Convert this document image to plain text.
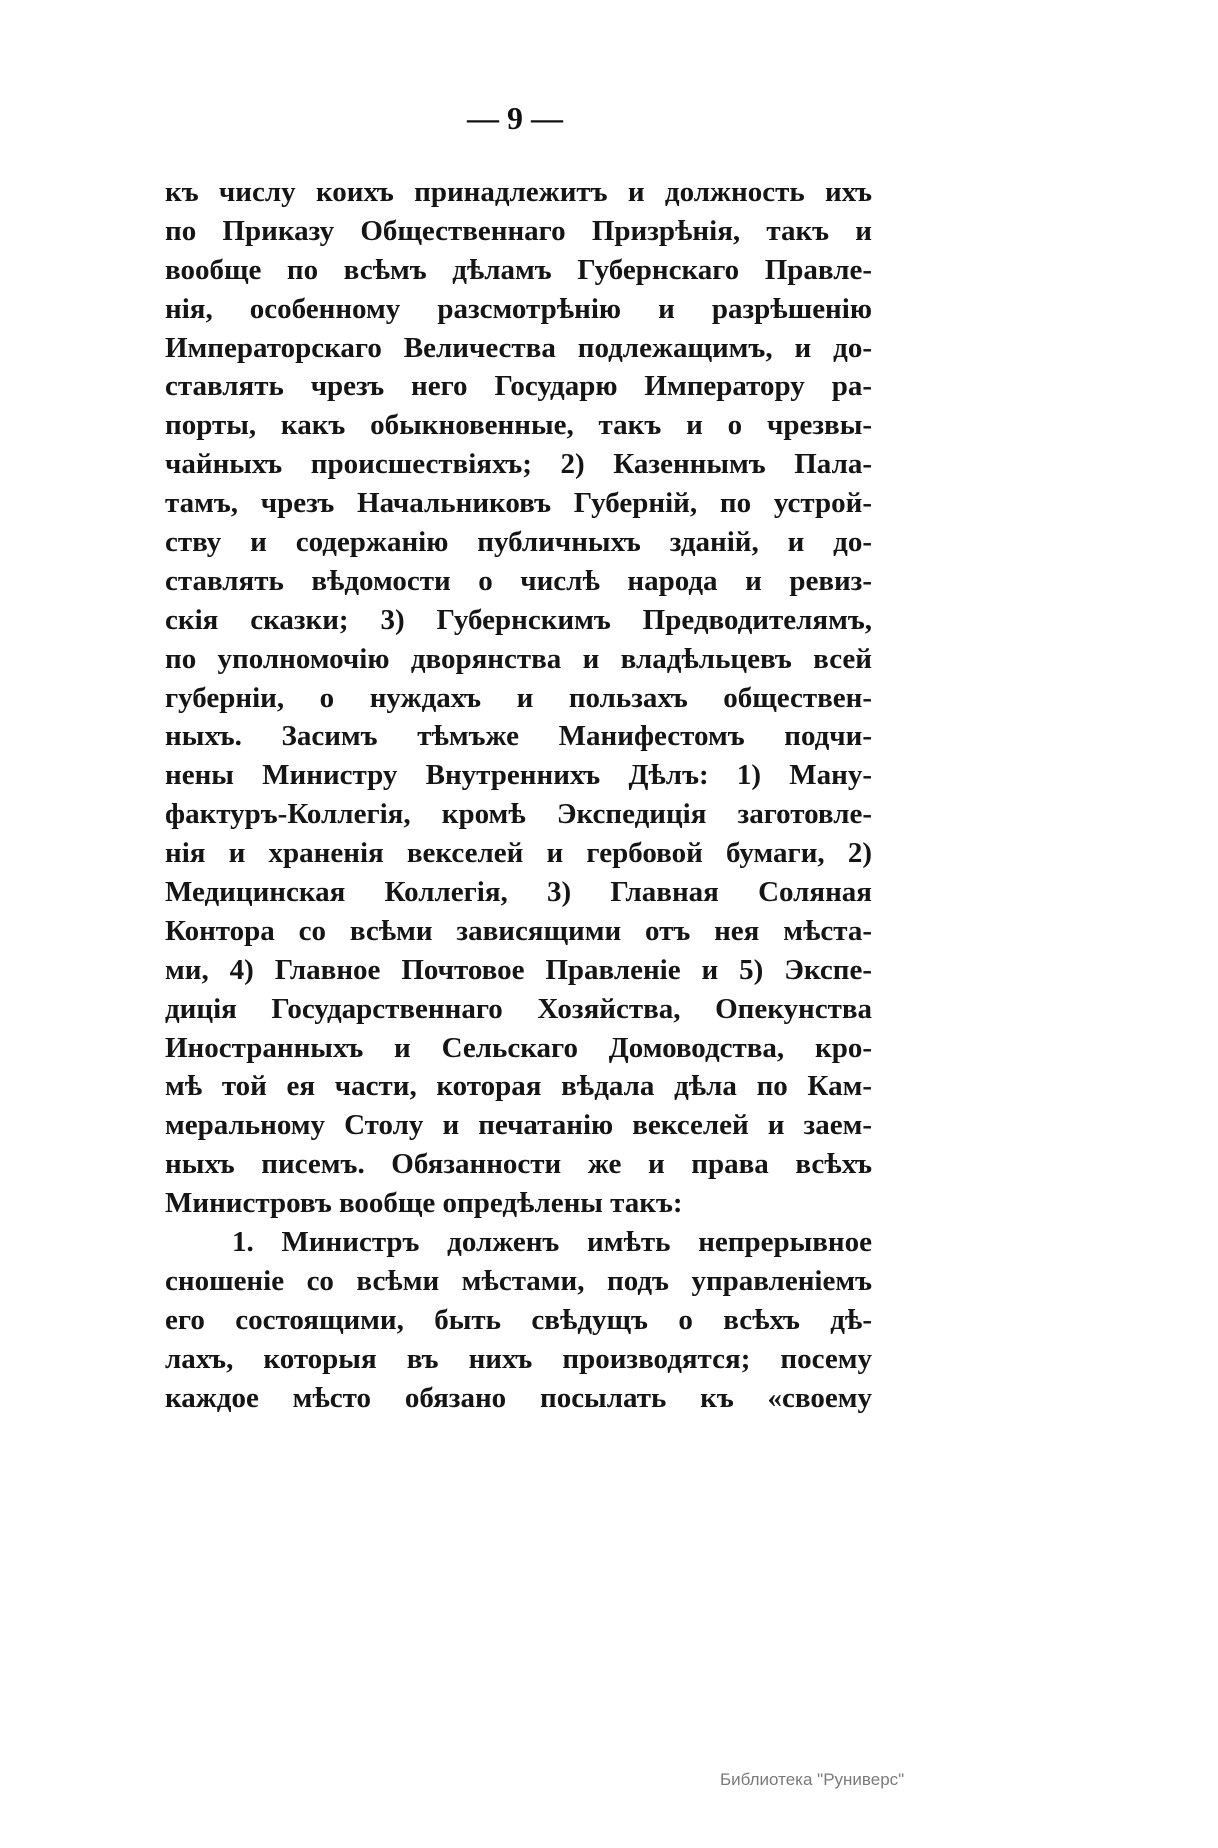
— 9 —
къ числу коихъ принадлежитъ и должность ихъ
по Приказу Общественнаго Призрѣнія, такъ и
вообще по всѣмъ дѣламъ Губернскаго Правле-
нія, особенному разсмотрѣнію и разрѣшенію
Императорскаго Величества подлежащимъ, и до-
ставлять чрезъ него Государю Императору ра-
порты, какъ обыкновенные, такъ и о чрезвы-
чайныхъ происшествіяхъ; 2) Казеннымъ Пала-
тамъ, чрезъ Начальниковъ Губерній, по устрой-
ству и содержанію публичныхъ зданій, и до-
ставлять вѣдомости о числѣ народа и ревиз-
скія сказки; 3) Губернскимъ Предводителямъ,
по уполномочію дворянства и владѣльцевъ всей
губерніи, о нуждахъ и пользахъ обществен-
ныхъ. Засимъ тѣмъже Манифестомъ подчи-
нены Министру Внутреннихъ Дѣлъ: 1) Ману-
фактуръ-Коллегія, кромѣ Экспедиція заготовле-
нія и храненія векселей и гербовой бумаги, 2)
Медицинская Коллегія, 3) Главная Соляная
Контора со всѣми зависящими отъ нея мѣста-
ми, 4) Главное Почтовое Правленіе и 5) Экспе-
диція Государственнаго Хозяйства, Опекунства
Иностранныхъ и Сельскаго Домоводства, кро-
мѣ той ея части, которая вѣдала дѣла по Кам-
меральному Столу и печатанію векселей и заем-
ныхъ писемъ. Обязанности же и права всѣхъ
Министровъ вообще опредѣлены такъ:
1. Министръ долженъ имѣть непрерывное
сношеніе со всѣми мѣстами, подъ управленіемъ
его состоящими, быть свѣдущъ о всѣхъ дѣ-
лахъ, которыя въ нихъ производятся; посему
каждое мѣсто обязано посылать къ «своему
Библиотека "Руниверс"
